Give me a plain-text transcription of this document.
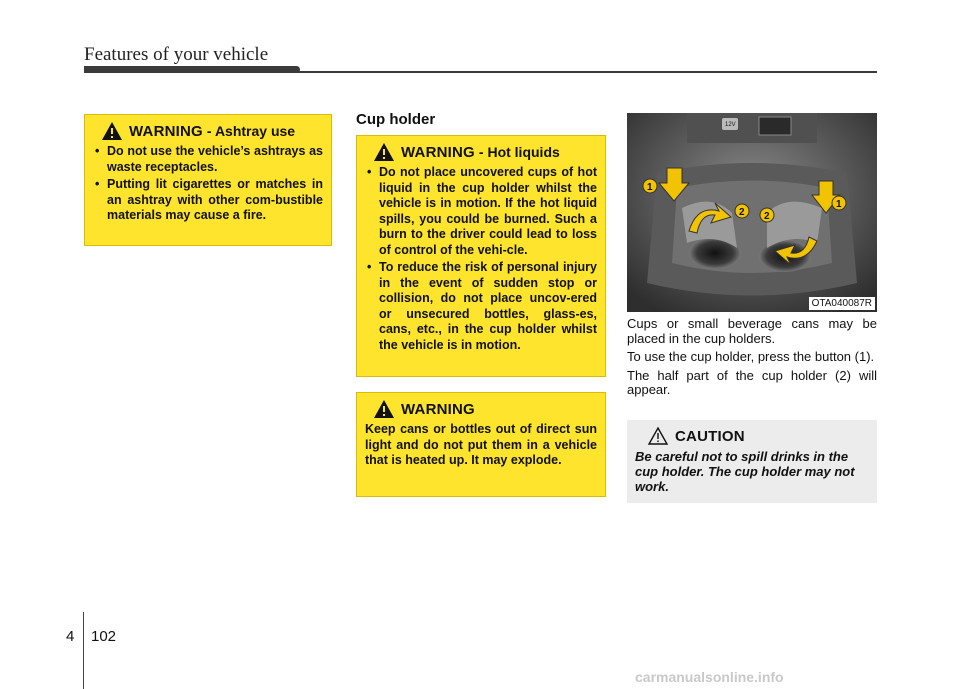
Features of your vehicle
WARNING - Ashtray use
• Do not use the vehicle’s ashtrays as waste receptacles.
• Putting lit cigarettes or matches in an ashtray with other com-bustible materials may cause a fire.
Cup holder
WARNING - Hot liquids
• Do not place uncovered cups of hot liquid in the cup holder whilst the vehicle is in motion. If the hot liquid spills, you could be burned. Such a burn to the driver could lead to loss of control of the vehi-cle.
• To reduce the risk of personal injury in the event of sudden stop or collision, do not place uncov-ered or unsecured bottles, glass-es, cans, etc., in the cup holder whilst the vehicle is in motion.
WARNING
Keep cans or bottles out of direct sun light and do not put them in a vehicle that is heated up. It may explode.
12V
1
2 2
1
OTA040087R

Cups or small beverage cans may be placed in the cup holders.

To use the cup holder, press the button (1).

The half part of the cup holder (2) will appear.

CAUTION
Be careful not to spill drinks in the cup holder. The cup holder may not work.
4 102
carmanualsonline.info
